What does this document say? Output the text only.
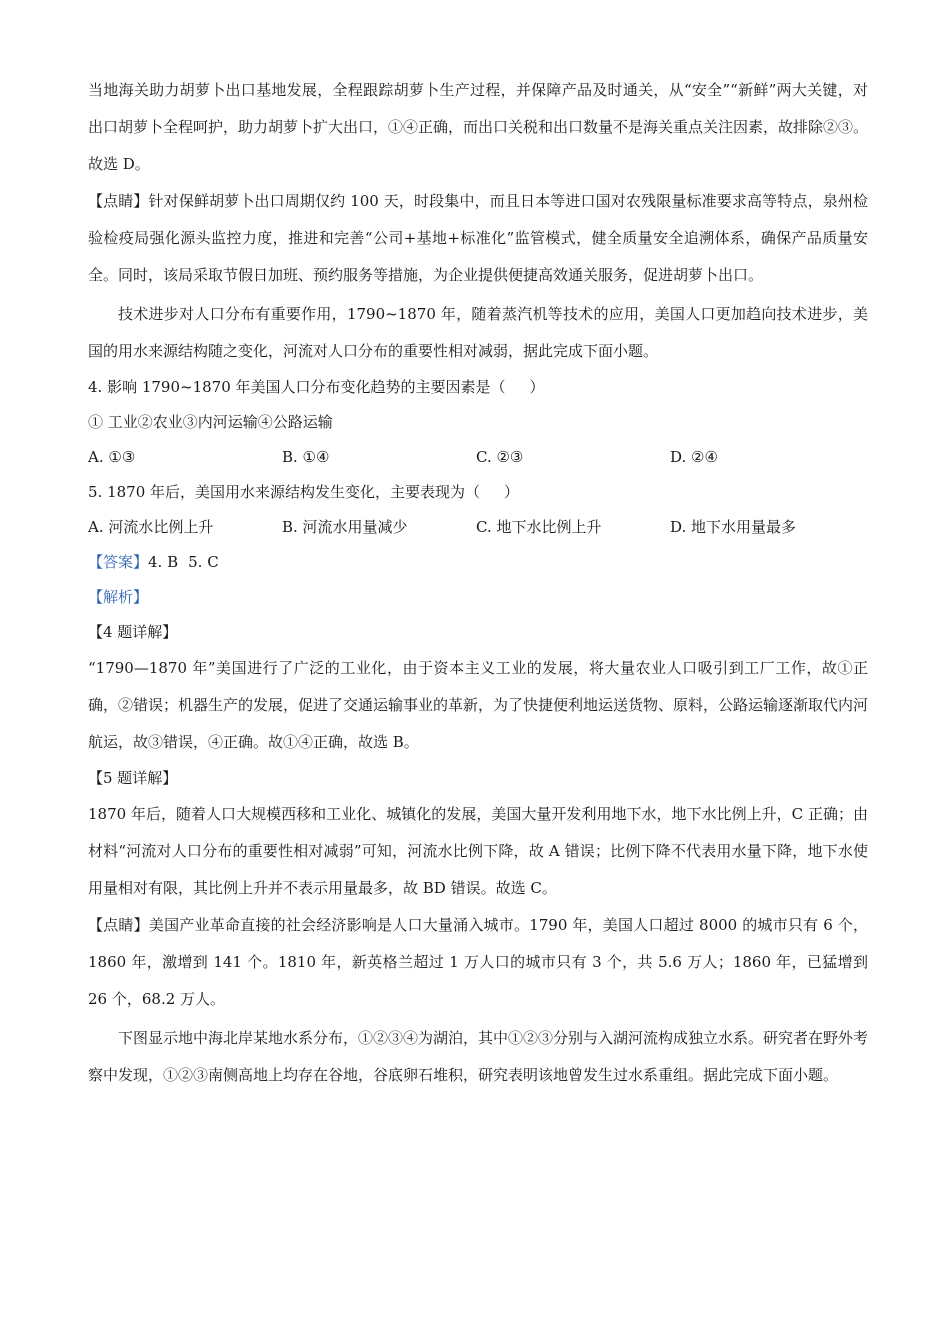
当地海关助力胡萝卜出口基地发展，全程跟踪胡萝卜生产过程，并保障产品及时通关，从“安全”“新鲜”两大关键，对出口胡萝卜全程呵护，助力胡萝卜扩大出口，①④正确，而出口关税和出口数量不是海关重点关注因素，故排除②③。故选 D。

【点睛】针对保鲜胡萝卜出口周期仅约 100 天，时段集中，而且日本等进口国对农残限量标准要求高等特点，泉州检验检疫局强化源头监控力度，推进和完善“公司+基地+标准化”监管模式，健全质量安全追溯体系，确保产品质量安全。同时，该局采取节假日加班、预约服务等措施，为企业提供便捷高效通关服务，促进胡萝卜出口。

技术进步对人口分布有重要作用，1790~1870 年，随着蒸汽机等技术的应用，美国人口更加趋向技术进步，美国的用水来源结构随之变化，河流对人口分布的重要性相对减弱，据此完成下面小题。

4. 影响 1790~1870 年美国人口分布变化趋势的主要因素是（ ）

① 工业②农业③内河运输④公路运输

A. ①③	B. ①④	C. ②③	D. ②④

5. 1870 年后，美国用水来源结构发生变化，主要表现为（ ）

A. 河流水比例上升	B. 河流水用量减少	C. 地下水比例上升	D. 地下水用量最多

【答案】4. B 5. C

【解析】

【4 题详解】

“1790—1870 年”美国进行了广泛的工业化，由于资本主义工业的发展，将大量农业人口吸引到工厂工作，故①正确，②错误；机器生产的发展，促进了交通运输事业的革新，为了快捷便利地运送货物、原料，公路运输逐渐取代内河航运，故③错误，④正确。故①④正确，故选 B。

【5 题详解】

1870 年后，随着人口大规模西移和工业化、城镇化的发展，美国大量开发利用地下水，地下水比例上升，C 正确；由材料“河流对人口分布的重要性相对减弱”可知，河流水比例下降，故 A 错误；比例下降不代表用水量下降，地下水使用量相对有限，其比例上升并不表示用量最多，故 BD 错误。故选 C。

【点睛】美国产业革命直接的社会经济影响是人口大量涌入城市。1790 年，美国人口超过 8000 的城市只有 6 个，1860 年，激增到 141 个。1810 年，新英格兰超过 1 万人口的城市只有 3 个，共 5.6 万人；1860 年，已猛增到 26 个，68.2 万人。

下图显示地中海北岸某地水系分布，①②③④为湖泊，其中①②③分别与入湖河流构成独立水系。研究者在野外考察中发现，①②③南侧高地上均存在谷地，谷底卵石堆积，研究表明该地曾发生过水系重组。据此完成下面小题。
